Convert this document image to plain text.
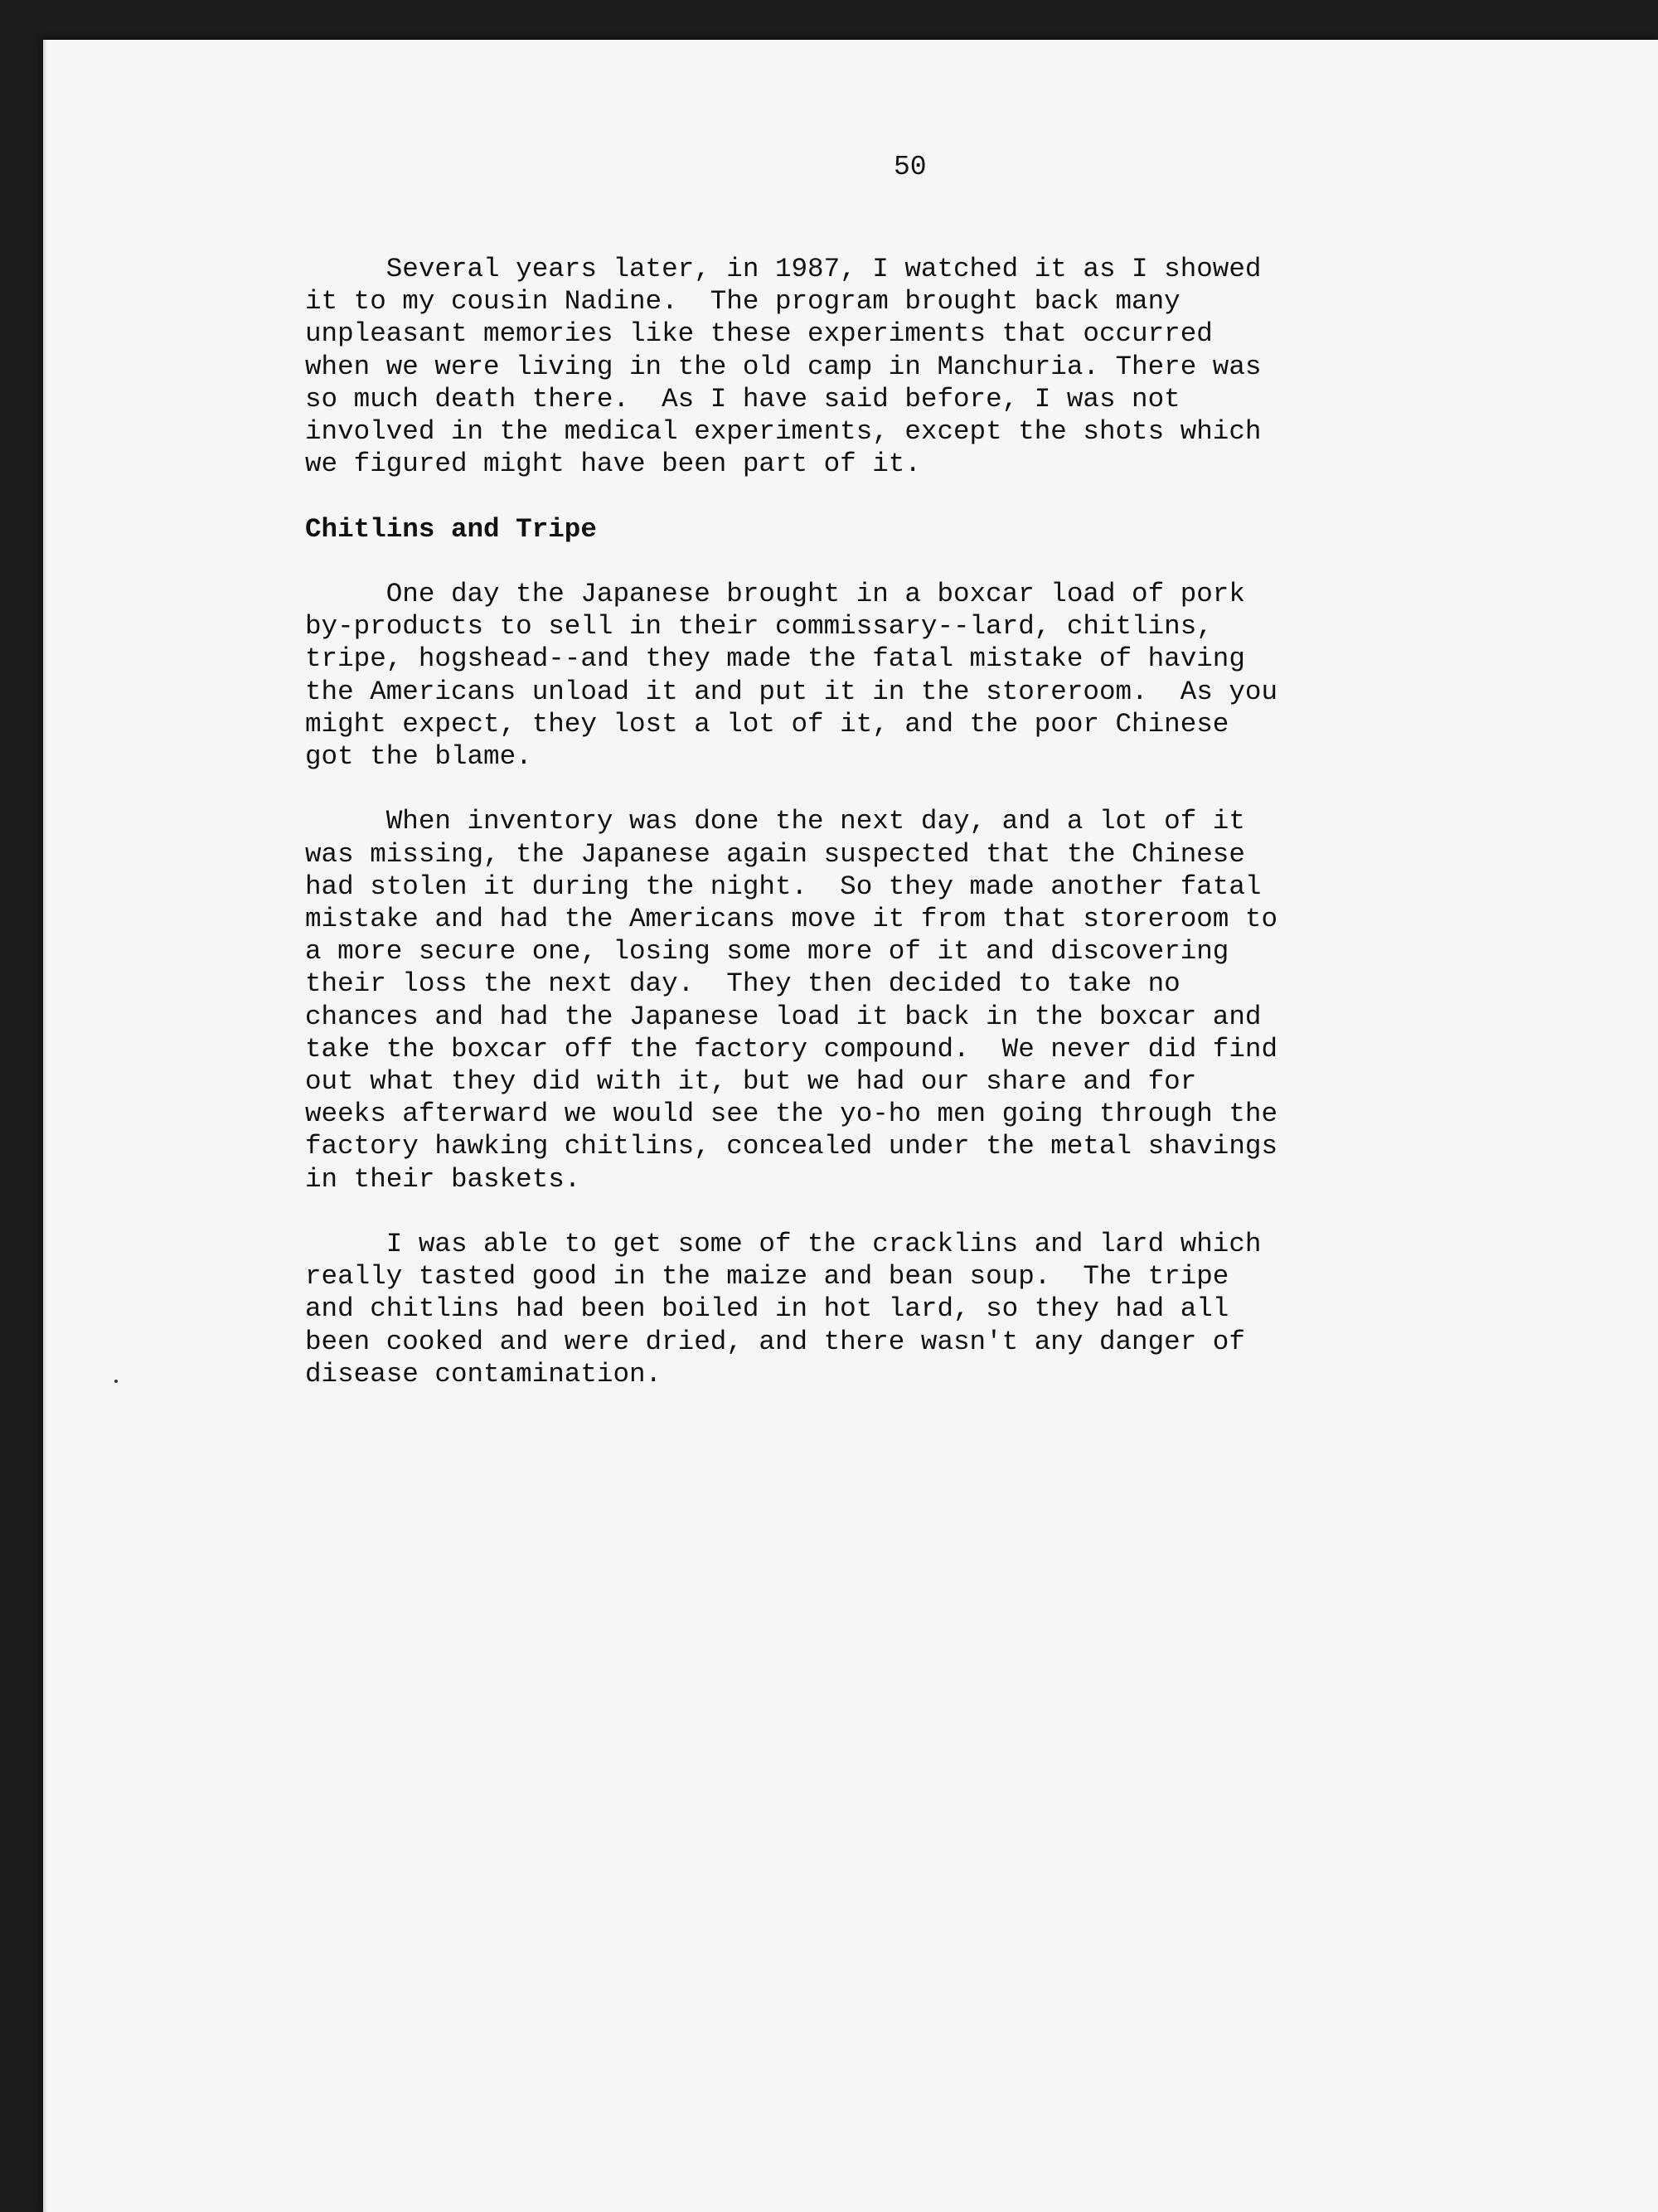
50

Several years later, in 1987, I watched it as I showed

it to my cousin Nadine.  The program brought back many

unpleasant memories like these experiments that occurred

when we were living in the old camp in Manchuria. There was

so much death there.  As I have said before, I was not

involved in the medical experiments, except the shots which

we figured might have been part of it.

Chitlins and Tripe

One day the Japanese brought in a boxcar load of pork

by-products to sell in their commissary--lard, chitlins,

tripe, hogshead--and they made the fatal mistake of having

the Americans unload it and put it in the storeroom.  As you

might expect, they lost a lot of it, and the poor Chinese

got the blame.

When inventory was done the next day, and a lot of it

was missing, the Japanese again suspected that the Chinese

had stolen it during the night.  So they made another fatal

mistake and had the Americans move it from that storeroom to

a more secure one, losing some more of it and discovering

their loss the next day.  They then decided to take no

chances and had the Japanese load it back in the boxcar and

take the boxcar off the factory compound.  We never did find

out what they did with it, but we had our share and for

weeks afterward we would see the yo-ho men going through the

factory hawking chitlins, concealed under the metal shavings

in their baskets.

I was able to get some of the cracklins and lard which

really tasted good in the maize and bean soup.  The tripe

and chitlins had been boiled in hot lard, so they had all

been cooked and were dried, and there wasn't any danger of

disease contamination.
